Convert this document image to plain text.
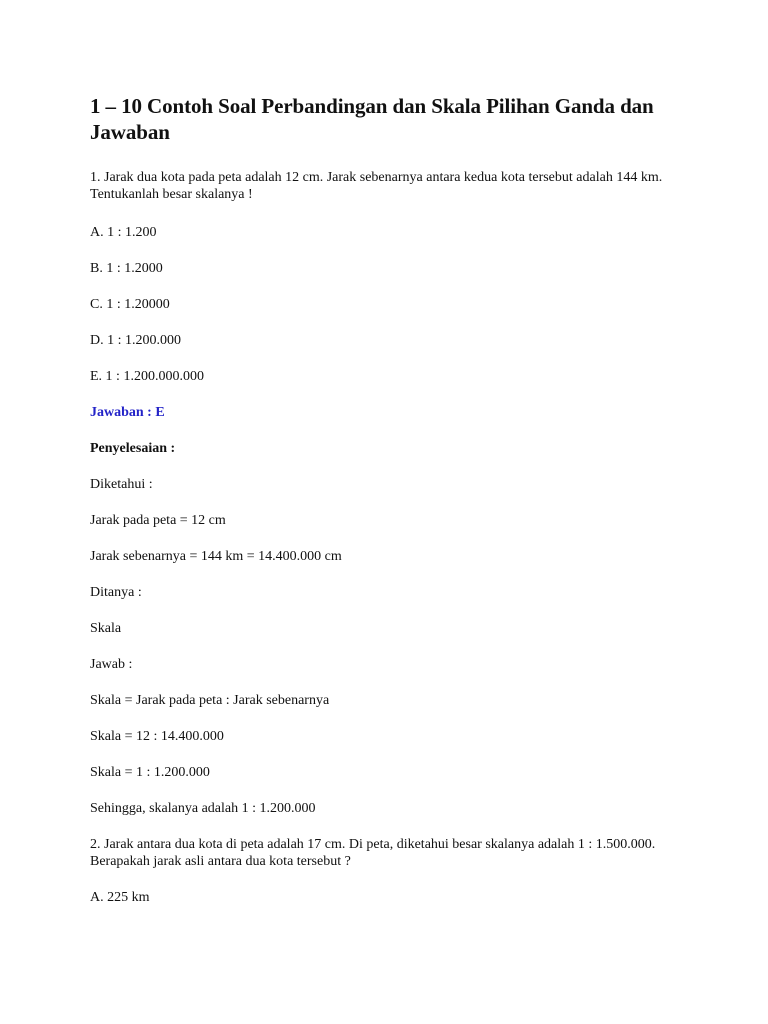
1 – 10 Contoh Soal Perbandingan dan Skala Pilihan Ganda dan Jawaban
1. Jarak dua kota pada peta adalah 12 cm. Jarak sebenarnya antara kedua kota tersebut adalah 144 km. Tentukanlah besar skalanya !
A. 1 : 1.200
B. 1 : 1.2000
C. 1 : 1.20000
D. 1 : 1.200.000
E. 1 : 1.200.000.000
Jawaban : E
Penyelesaian :
Diketahui :
Jarak pada peta = 12 cm
Jarak sebenarnya = 144 km = 14.400.000 cm
Ditanya :
Skala
Jawab :
Skala = Jarak pada peta : Jarak sebenarnya
Skala = 12 : 14.400.000
Skala = 1 : 1.200.000
Sehingga, skalanya adalah 1 : 1.200.000
2. Jarak antara dua kota di peta adalah 17 cm. Di peta, diketahui besar skalanya adalah 1 : 1.500.000. Berapakah jarak asli antara dua kota tersebut ?
A. 225 km
